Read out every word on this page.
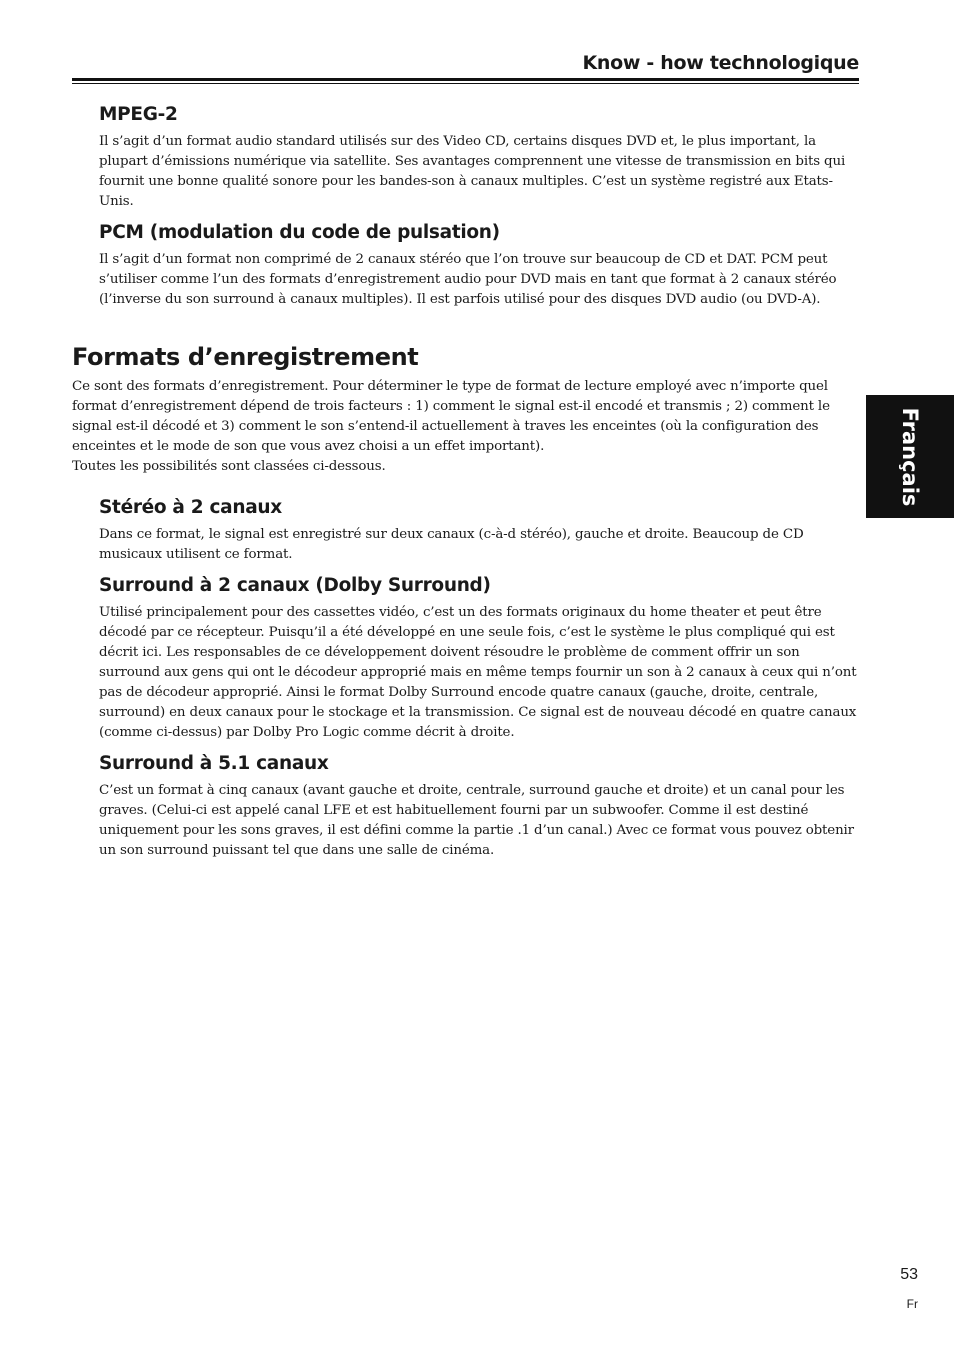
Know - how technologique
Français
MPEG-2

Il s’agit d’un format audio standard utilisés sur des Video CD, certains disques DVD et, le plus important, la plupart d’émissions numérique via satellite. Ses avantages comprennent une vitesse de transmission en bits qui fournit une bonne qualité sonore pour les bandes-son à canaux multiples. C’est un système registré aux Etats-Unis.

PCM (modulation du code de pulsation)

Il s’agit d’un format non comprimé de 2 canaux stéréo que l’on trouve sur beaucoup de CD et DAT. PCM peut s’utiliser comme l’un des formats d’enregistrement audio pour DVD mais en tant que format à 2 canaux stéréo (l’inverse du son surround à canaux multiples). Il est parfois utilisé pour des disques DVD audio (ou DVD-A).

Formats d’enregistrement

Ce sont des formats d’enregistrement. Pour déterminer le type de format de lecture employé avec n’importe quel format d’enregistrement dépend de trois facteurs : 1) comment le signal est-il encodé et transmis ; 2) comment le signal est-il décodé et 3) comment le son s’entend-il actuellement à traves les enceintes (où la configuration des enceintes et le mode de son que vous avez choisi a un effet important).

Toutes les possibilités sont classées ci-dessous.

Stéréo à 2 canaux

Dans ce format, le signal est enregistré sur deux canaux (c-à-d stéréo), gauche et droite. Beaucoup de CD musicaux utilisent ce format.

Surround à 2 canaux (Dolby Surround)

Utilisé principalement pour des cassettes vidéo, c’est un des formats originaux du home theater et peut être décodé par ce récepteur. Puisqu’il a été développé en une seule fois, c’est le système le plus compliqué qui est décrit ici. Les responsables de ce développement doivent résoudre le problème de comment offrir un son surround aux gens qui ont le décodeur approprié mais en même temps fournir un son à 2 canaux à ceux qui n’ont pas de décodeur approprié. Ainsi le format Dolby Surround encode quatre canaux (gauche, droite, centrale, surround) en deux canaux pour le stockage et la transmission. Ce signal est de nouveau décodé en quatre canaux (comme ci-dessus) par Dolby Pro Logic comme décrit à droite.

Surround à 5.1 canaux

C’est un format à cinq canaux (avant gauche et droite, centrale, surround gauche et droite) et un canal pour les graves. (Celui-ci est appelé canal LFE et est habituellement fourni par un subwoofer. Comme il est destiné uniquement pour les sons graves, il est défini comme la partie .1 d’un canal.) Avec ce format vous pouvez obtenir un son surround puissant tel que dans une salle de cinéma.

53
Fr
